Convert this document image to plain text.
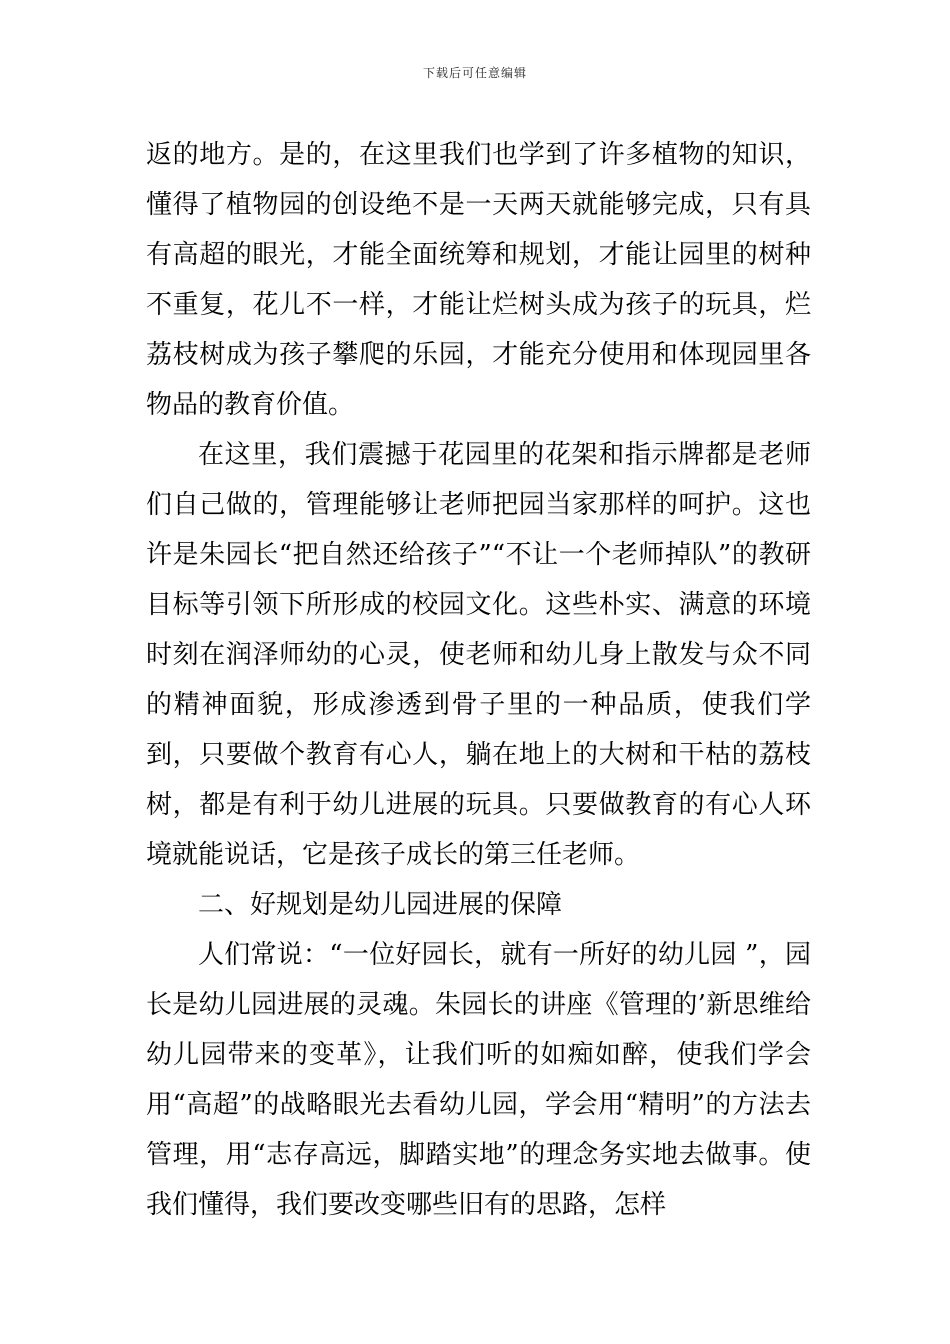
下载后可任意编辑

返的地方。是的，在这里我们也学到了许多植物的知识，懂得了植物园的创设绝不是一天两天就能够完成，只有具有高超的眼光，才能全面统筹和规划，才能让园里的树种不重复，花儿不一样，才能让烂树头成为孩子的玩具，烂荔枝树成为孩子攀爬的乐园，才能充分使用和体现园里各物品的教育价值。

在这里，我们震撼于花园里的花架和指示牌都是老师们自己做的，管理能够让老师把园当家那样的呵护。这也许是朱园长“把自然还给孩子”“不让一个老师掉队”的教研目标等引领下所形成的校园文化。这些朴实、满意的环境时刻在润泽师幼的心灵，使老师和幼儿身上散发与众不同的精神面貌，形成渗透到骨子里的一种品质，使我们学到，只要做个教育有心人，躺在地上的大树和干枯的荔枝树，都是有利于幼儿进展的玩具。只要做教育的有心人环境就能说话，它是孩子成长的第三任老师。

二、好规划是幼儿园进展的保障

人们常说：“一位好园长，就有一所好的幼儿园 ”，园长是幼儿园进展的灵魂。朱园长的讲座《管理的’新思维给幼儿园带来的变革》，让我们听的如痴如醉，使我们学会用“高超”的战略眼光去看幼儿园，学会用“精明”的方法去管理，用“志存高远，脚踏实地”的理念务实地去做事。使我们懂得，我们要改变哪些旧有的思路，怎样
